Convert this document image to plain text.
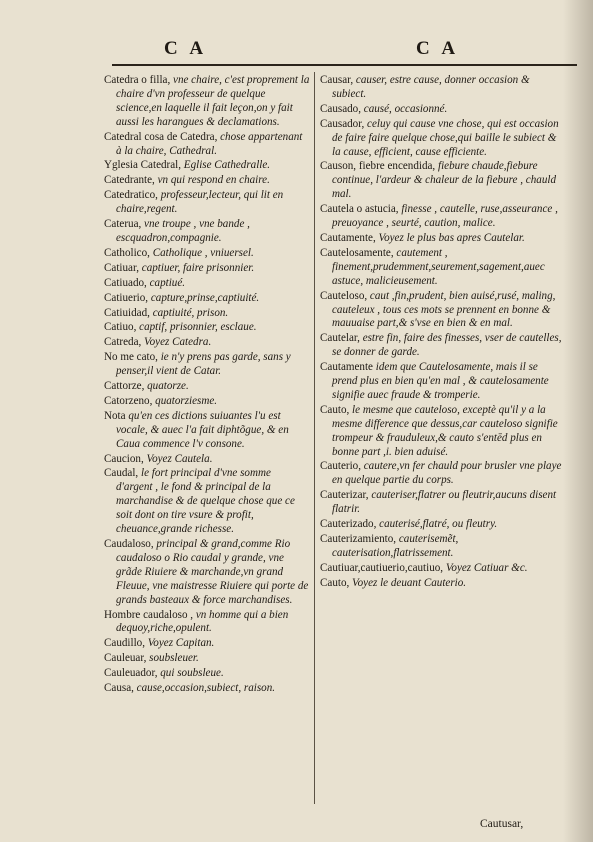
C A	C A
Catedra o filla, vne chaire, c'est proprement la chaire d'vn professeur de quelque science,en laquelle il fait leçon,on y fait aussi les harangues & declamations.
Catedral cosa de Catedra, chose appartenant à la chaire, Cathedral.
Yglesia Catedral, Eglise Cathedralle.
Catedrante, vn qui respond en chaire.
Catedratico, professeur,lecteur, qui lit en chaire,regent.
Caterua, vne troupe , vne bande , escquadron,compagnie.
Catholico, Catholique , vniuersel.
Catiuar, captiuer, faire prisonnier.
Catiuado, captiué.
Catiuerio, capture,prinse,captiuité.
Catiuidad, captiuité, prison.
Catiuo, captif, prisonnier, esclaue.
Catreda, Voyez Catedra.
No me cato, ie n'y prens pas garde, sans y penser,il vient de Catar.
Cattorze, quatorze.
Catorzeno, quatorziesme.
Nota qu'en ces dictions suiuantes l'u est vocale, & auec l'a fait diphtõgue, & en Caua commence l'v consone.
Caucion, Voyez Cautela.
Caudal, le fort principal d'vne somme d'argent , le fond & principal de la marchandise & de quelque chose que ce soit dont on tire vsure & profit, cheuance,grande richesse.
Caudaloso, principal & grand,comme Rio caudaloso o Rio caudal y grande, vne grãde Riuiere & marchande,vn grand Fleuue, vne maistresse Riuiere qui porte de grands basteaux & force marchandises.
Hombre caudaloso , vn homme qui a bien dequoy,riche,opulent.
Caudillo, Voyez Capitan.
Cauleuar, soubsleuer.
Cauleuador, qui soubsleue.
Causa, cause,occasion,subiect, raison.
Causar, causer, estre cause, donner occasion & subiect.
Causado, causé, occasionné.
Causador, celuy qui cause vne chose, qui est occasion de faire faire quelque chose,qui baille le subiect & la cause, efficient, cause efficiente.
Causon, fiebre encendida, fiebure chaude,fiebure continue, l'ardeur & chaleur de la fiebure , chauld mal.
Cautela o astucia, finesse , cautelle, ruse,asseurance , preuoyance , seurté, caution, malice.
Cautamente, Voyez le plus bas apres Cautelar.
Cautelosamente, cautement , finement,prudemment,seurement,sagement,auec astuce, malicieusement.
Cauteloso, caut ,fin,prudent, bien auisé,rusé, maling, cauteleux , tous ces mots se prennent en bonne & mauuaise part,& s'vse en bien & en mal.
Cautelar, estre fin, faire des finesses, vser de cautelles, se donner de garde.
Cautamente idem que Cautelosamente, mais il se prend plus en bien qu'en mal , & cautelosamente signifie auec fraude & tromperie.
Cauto, le mesme que cauteloso, exceptè qu'il y a la mesme difference que dessus,car cauteloso signifie trompeur & frauduleux,& cauto s'entēd plus en bonne part ,i. bien aduisé.
Cauterio, cautere,vn fer chauld pour brusler vne playe en quelque partie du corps.
Cauterizar, cauteriser,flatrer ou fleutrir,aucuns disent flatrir.
Cauterizado, cauterisé,flatré, ou fleutry.
Cauterizamiento, cauterisemẽt, cauterisation,flatrissement.
Cautiuar,cautiuerio,cautiuo, Voyez Catiuar &c.
Cauto, Voyez le deuant Cauterio.
Cautusar,
